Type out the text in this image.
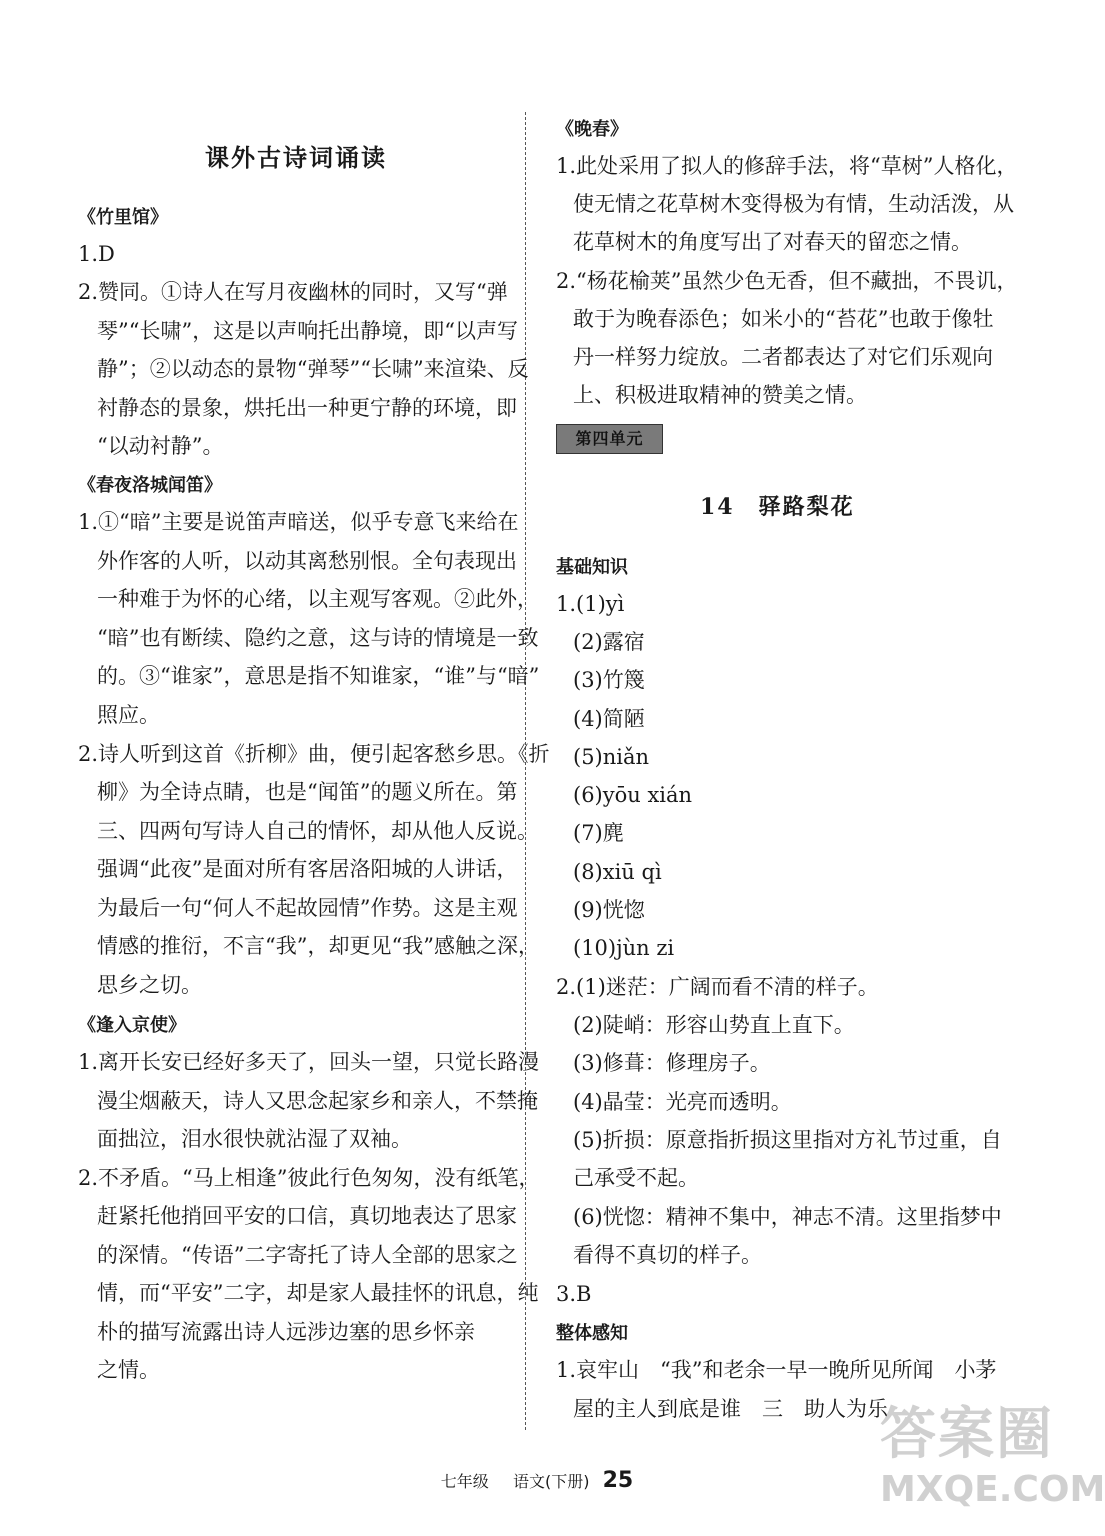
课外古诗词诵读
《竹里馆》
1.D
2.赞同。①诗人在写月夜幽林的同时，又写“弹
琴”“长啸”，这是以声响托出静境，即“以声写
静”；②以动态的景物“弹琴”“长啸”来渲染、反
衬静态的景象，烘托出一种更宁静的环境，即
“以动衬静”。
《春夜洛城闻笛》
1.①“暗”主要是说笛声暗送，似乎专意飞来给在
外作客的人听，以动其离愁别恨。全句表现出
一种难于为怀的心绪，以主观写客观。②此外，
“暗”也有断续、隐约之意，这与诗的情境是一致
的。③“谁家”，意思是指不知谁家，“谁”与“暗”
照应。
2.诗人听到这首《折柳》曲，便引起客愁乡思。《折
柳》为全诗点睛，也是“闻笛”的题义所在。第
三、四两句写诗人自己的情怀，却从他人反说。
强调“此夜”是面对所有客居洛阳城的人讲话，
为最后一句“何人不起故园情”作势。这是主观
情感的推衍，不言“我”，却更见“我”感触之深，
思乡之切。
《逢入京使》
1.离开长安已经好多天了，回头一望，只觉长路漫
漫尘烟蔽天，诗人又思念起家乡和亲人，不禁掩
面拙泣，泪水很快就沾湿了双袖。
2.不矛盾。“马上相逢”彼此行色匆匆，没有纸笔，
赶紧托他捎回平安的口信，真切地表达了思家
的深情。“传语”二字寄托了诗人全部的思家之
情，而“平安”二字，却是家人最挂怀的讯息，纯
朴的描写流露出诗人远涉边塞的思乡怀亲
之情。
《晚春》
1.此处采用了拟人的修辞手法，将“草树”人格化，
使无情之花草树木变得极为有情，生动活泼，从
花草树木的角度写出了对春天的留恋之情。
2.“杨花榆荚”虽然少色无香，但不藏拙，不畏讥，
敢于为晚春添色；如米小的“苔花”也敢于像牡
丹一样努力绽放。二者都表达了对它们乐观向
上、积极进取精神的赞美之情。
第四单元
14　驿路梨花
基础知识
1.(1)yì
(2)露宿
(3)竹篾
(4)简陋
(5)niǎn
(6)yōu xián
(7)麂
(8)xiū qì
(9)恍惚
(10)jùn zi
2.(1)迷茫：广阔而看不清的样子。
(2)陡峭：形容山势直上直下。
(3)修葺：修理房子。
(4)晶莹：光亮而透明。
(5)折损：原意指折损这里指对方礼节过重，自
己承受不起。
(6)恍惚：精神不集中，神志不清。这里指梦中
看得不真切的样子。
3.B
整体感知
1.哀牢山　“我”和老余一早一晚所见所闻　小茅
屋的主人到底是谁　三　助人为乐
七年级 语文(下册) 25
答案圈
MXQE.COM
